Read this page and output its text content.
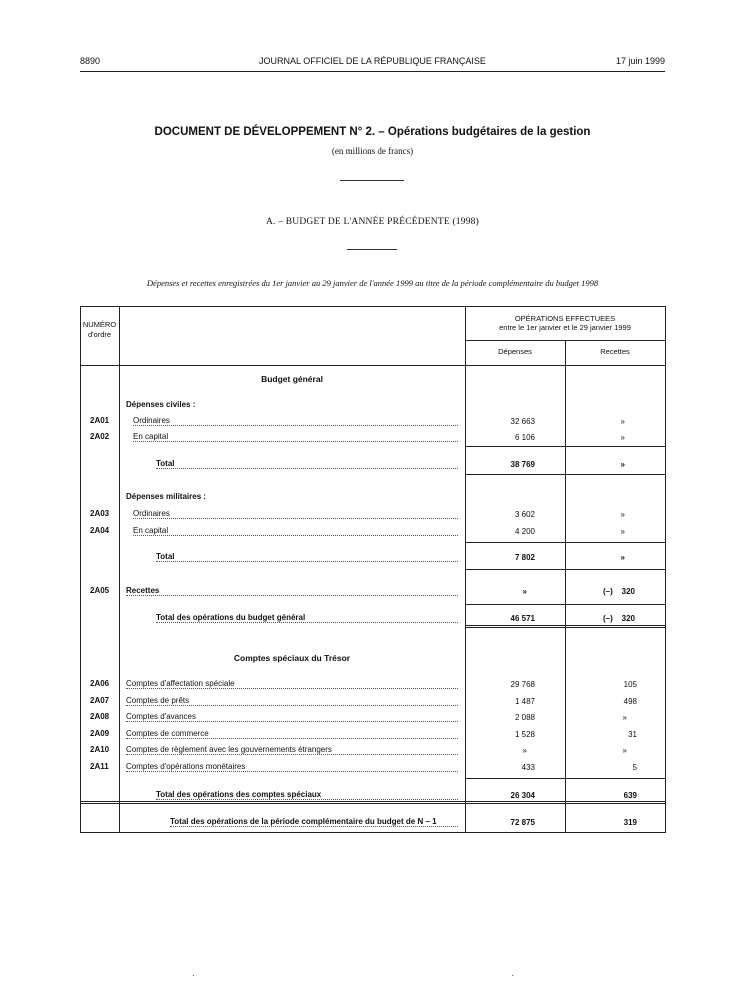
8890	JOURNAL OFFICIEL DE LA RÉPUBLIQUE FRANÇAISE	17 juin 1999
DOCUMENT DE DÉVELOPPEMENT N° 2. – Opérations budgétaires de la gestion
(en millions de francs)
A. – BUDGET DE L'ANNÉE PRÉCÉDENTE (1998)
Dépenses et recettes enregistrées du 1er janvier au 29 janvier de l'année 1999 au titre de la période complémentaire du budget 1998
NUMÉRO d'ordre
OPÉRATIONS EFFECTUEES
entre le 1er janvier et le 29 janvier 1999
Dépenses	Recettes
Budget général
Dépenses civiles :
2A01	Ordinaires	32 663	»
2A02	En capital	6 106	»
Total	38 769	»
Dépenses militaires :
2A03	Ordinaires	3 602	»
2A04	En capital	4 200	»
Total	7 802	»
2A05 Recettes	»	(–)    320
Total des opérations du budget général	46 571	(–)    320
Comptes spéciaux du Trésor
2A06 Comptes d'affectation spéciale	29 768	105
2A07 Comptes de prêts	1 487	498
2A08 Comptes d'avances	2 088	»
2A09 Comptes de commerce	1 528	31
2A10 Comptes de règlement avec les gouvernements étrangers	»	»
2A11 Comptes d'opérations monétaires	433	5
Total des opérations des comptes spéciaux	26 304	639
Total des opérations de la période complémentaire du budget de N – 1	72 875	319
·	·
